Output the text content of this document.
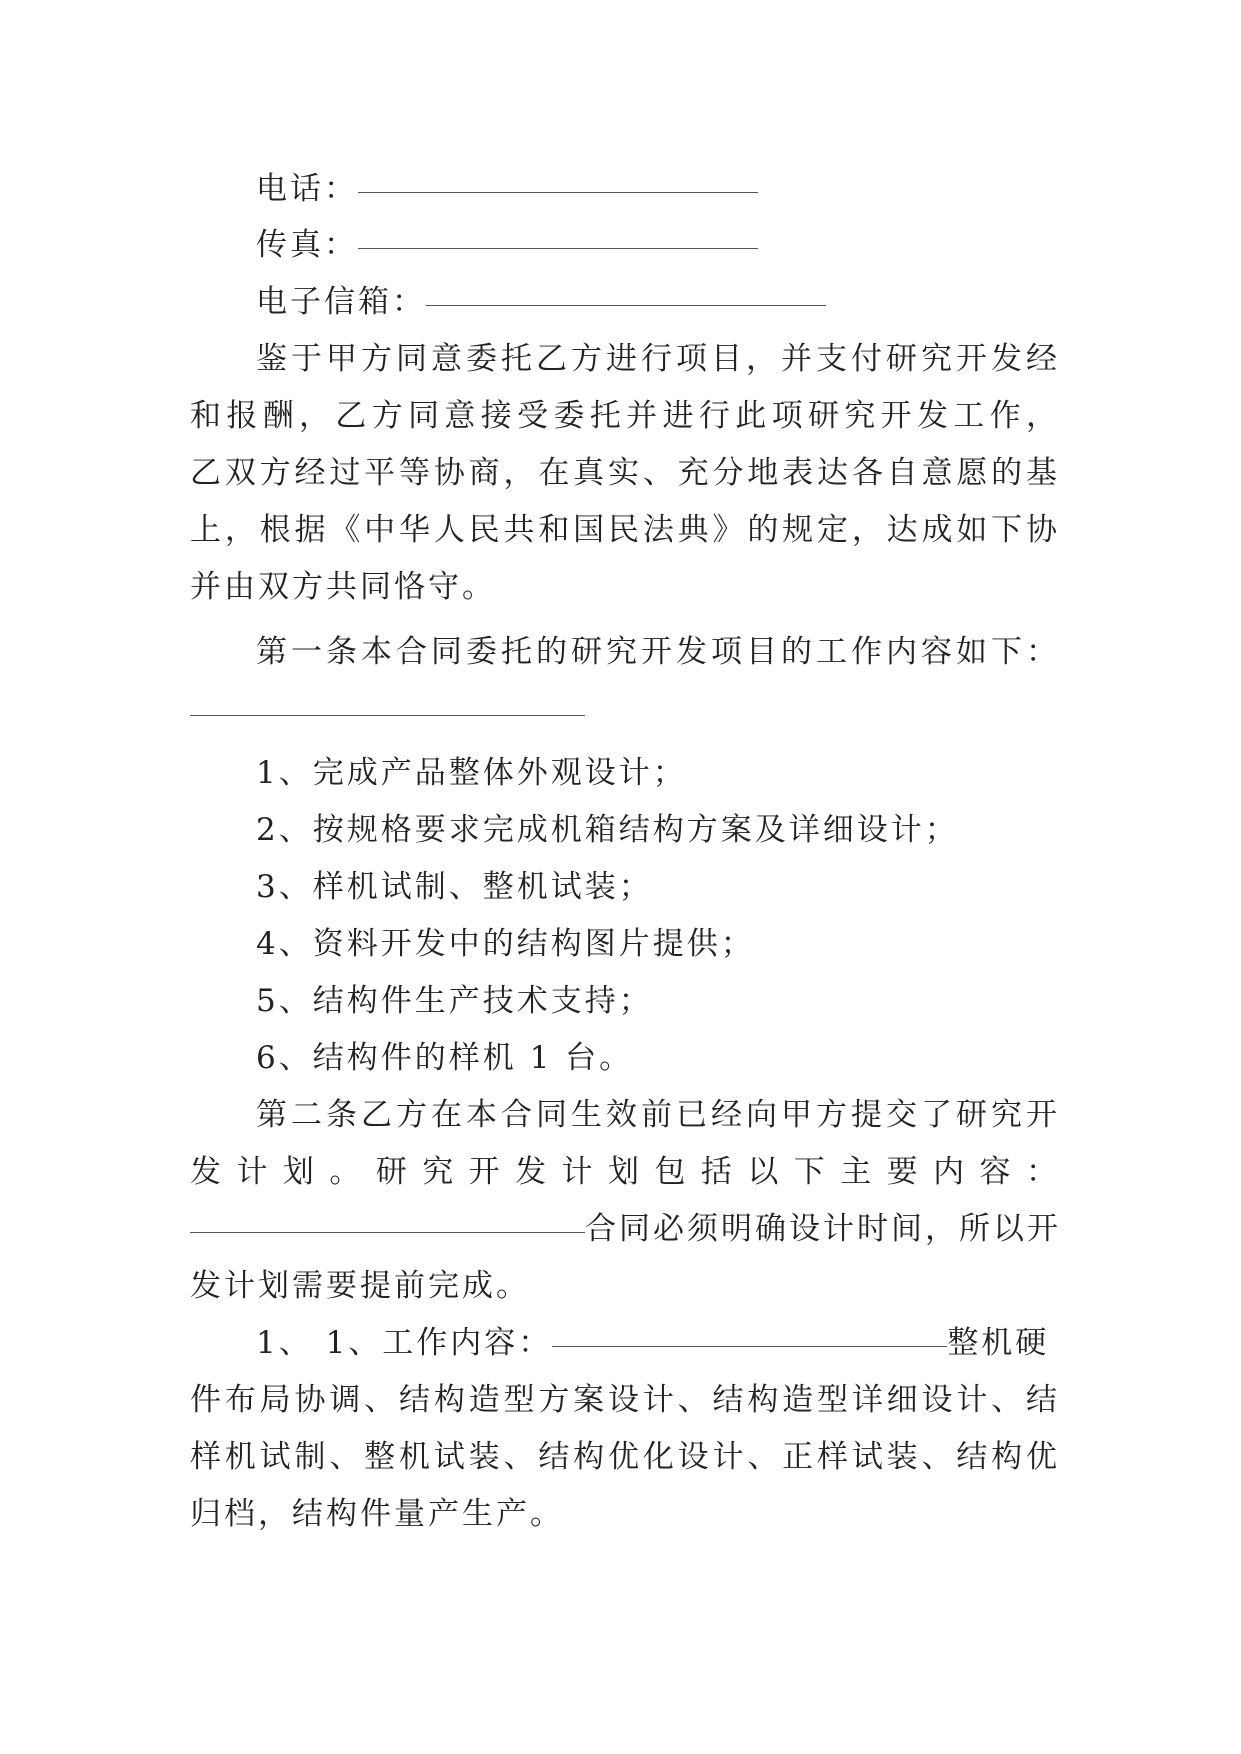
电话：
传真：
电子信箱：
鉴于甲方同意委托乙方进行项目，并支付研究开发经
和报酬，乙方同意接受委托并进行此项研究开发工作，
乙双方经过平等协商，在真实、充分地表达各自意愿的基
上，根据《中华人民共和国民法典》的规定，达成如下协
并由双方共同恪守。
第一条本合同委托的研究开发项目的工作内容如下：
1、完成产品整体外观设计；
2、按规格要求完成机箱结构方案及详细设计；
3、样机试制、整机试装；
4、资料开发中的结构图片提供；
5、结构件生产技术支持；
6、结构件的样机 1 台。
第二条乙方在本合同生效前已经向甲方提交了研究开
发计划。研究开发计划包括以下主要内容：
合同必须明确设计时间，所以开
发计划需要提前完成。
1、 1、工作内容：	整机硬
件布局协调、结构造型方案设计、结构造型详细设计、结
样机试制、整机试装、结构优化设计、正样试装、结构优
归档，结构件量产生产。
